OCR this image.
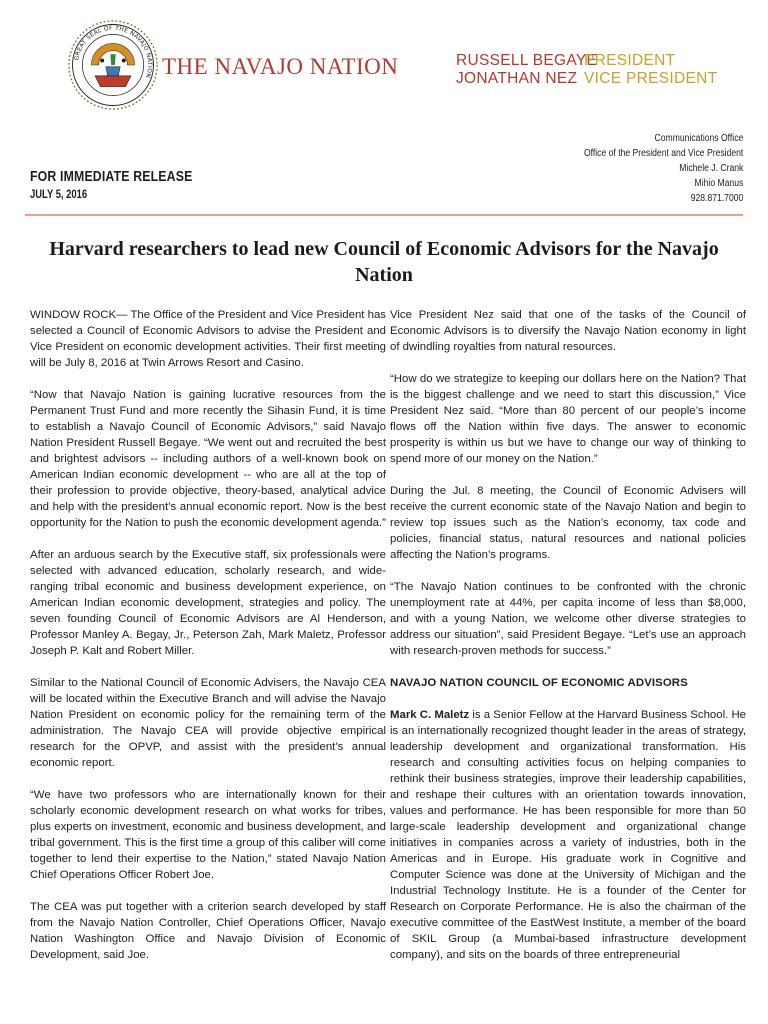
GREAT SEAL OF THE NAVAJO NATION THE NAVAJO NATION	RUSSELL BEGAYEPRESIDENT
JONATHAN NEZ VICE PRESIDENT
Communications Office
Office of the President and Vice President
Michele J. Crank
Mihio Manus
928.871.7000
FOR IMMEDIATE RELEASE
JULY 5, 2016
Harvard researchers to lead new Council of Economic Advisors for the Navajo Nation

WINDOW ROCK— The Office of the President and Vice President has selected a Council of Economic Advisors to advise the President and Vice President on economic development activities. Their first meeting will be July 8, 2016 at Twin Arrows Resort and Casino.

“Now that Navajo Nation is gaining lucrative resources from the Permanent Trust Fund and more recently the Sihasin Fund, it is time to establish a Navajo Council of Economic Advisors,” said Navajo Nation President Russell Begaye. “We went out and recruited the best and brightest advisors -- including authors of a well-known book on American Indian economic development -- who are all at the top of their profession to provide objective, theory-based, analytical advice and help with the president’s annual economic report. Now is the best opportunity for the Nation to push the economic development agenda.”

After an arduous search by the Executive staff, six professionals were selected with advanced education, scholarly research, and wide-ranging tribal economic and business development experience, on American Indian economic development, strategies and policy. The seven founding Council of Economic Advisors are Al Henderson, Professor Manley A. Begay, Jr., Peterson Zah, Mark Maletz, Professor Joseph P. Kalt and Robert Miller.

Similar to the National Council of Economic Advisers, the Navajo CEA will be located within the Executive Branch and will advise the Navajo Nation President on economic policy for the remaining term of the administration. The Navajo CEA will provide objective empirical research for the OPVP, and assist with the president’s annual economic report.

“We have two professors who are internationally known for their scholarly economic development research on what works for tribes, plus experts on investment, economic and business development, and tribal government. This is the first time a group of this caliber will come together to lend their expertise to the Nation,” stated Navajo Nation Chief Operations Officer Robert Joe.

The CEA was put together with a criterion search developed by staff from the Navajo Nation Controller, Chief Operations Officer, Navajo Nation Washington Office and Navajo Division of Economic Development, said Joe.

Vice President Nez said that one of the tasks of the Council of Economic Advisors is to diversify the Navajo Nation economy in light of dwindling royalties from natural resources.

“How do we strategize to keeping our dollars here on the Nation? That is the biggest challenge and we need to start this discussion,” Vice President Nez said. “More than 80 percent of our people’s income flows off the Nation within five days. The answer to economic prosperity is within us but we have to change our way of thinking to spend more of our money on the Nation.”

During the Jul. 8 meeting, the Council of Economic Advisers will receive the current economic state of the Navajo Nation and begin to review top issues such as the Nation’s economy, tax code and policies, financial status, natural resources and national policies affecting the Nation’s programs.

“The Navajo Nation continues to be confronted with the chronic unemployment rate at 44%, per capita income of less than $8,000, and with a young Nation, we welcome other diverse strategies to address our situation”, said President Begaye. “Let’s use an approach with research-proven methods for success.”

NAVAJO NATION COUNCIL OF ECONOMIC ADVISORS

Mark C. Maletz is a Senior Fellow at the Harvard Business School. He is an internationally recognized thought leader in the areas of strategy, leadership development and organizational transformation. His research and consulting activities focus on helping companies to rethink their business strategies, improve their leadership capabilities, and reshape their cultures with an orientation towards innovation, values and performance. He has been responsible for more than 50 large-scale leadership development and organizational change initiatives in companies across a variety of industries, both in the Americas and in Europe. His graduate work in Cognitive and Computer Science was done at the University of Michigan and the Industrial Technology Institute. He is a founder of the Center for Research on Corporate Performance. He is also the chairman of the executive committee of the EastWest Institute, a member of the board of SKIL Group (a Mumbai-based infrastructure development company), and sits on the boards of three entrepreneurial
